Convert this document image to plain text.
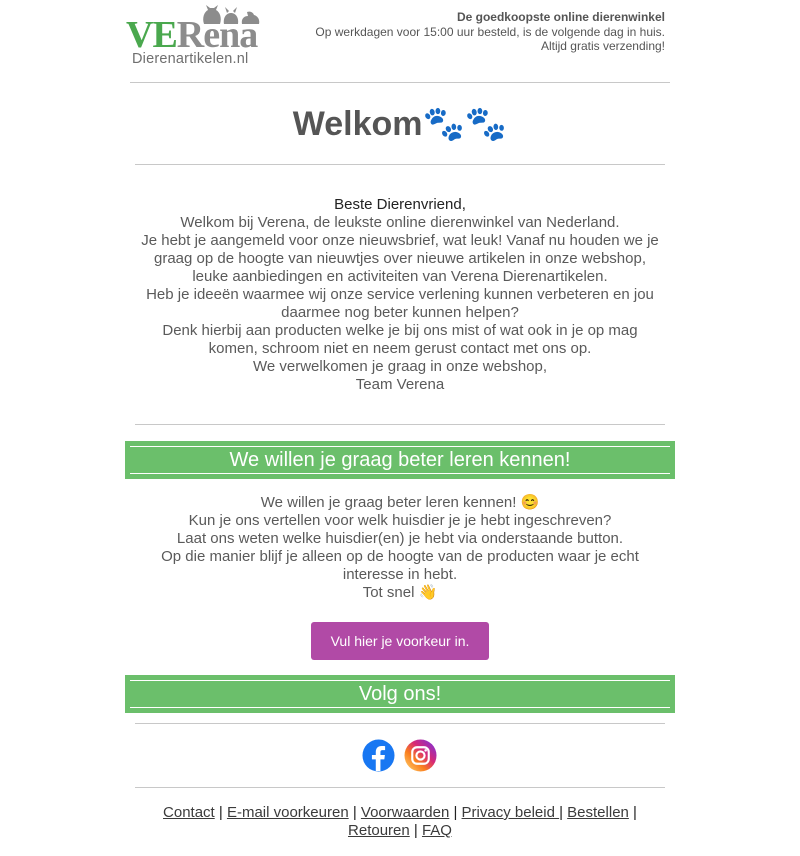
VERena
Dierenartikelen.nl
De goedkoopste online dierenwinkel
Op werkdagen voor 15:00 uur besteld, is de volgende dag in huis.
Altijd gratis verzending!
Welkom🐾🐾
Beste Dierenvriend,
Welkom bij Verena, de leukste online dierenwinkel van Nederland.
Je hebt je aangemeld voor onze nieuwsbrief, wat leuk! Vanaf nu houden we je graag op de hoogte van nieuwtjes over nieuwe artikelen in onze webshop, leuke aanbiedingen en activiteiten van Verena Dierenartikelen.
Heb je ideeën waarmee wij onze service verlening kunnen verbeteren en jou daarmee nog beter kunnen helpen?
Denk hierbij aan producten welke je bij ons mist of wat ook in je op mag komen, schroom niet en neem gerust contact met ons op.
We verwelkomen je graag in onze webshop,
Team Verena
We willen je graag beter leren kennen!
We willen je graag beter leren kennen! 😊
Kun je ons vertellen voor welk huisdier je je hebt ingeschreven?
Laat ons weten welke huisdier(en) je hebt via onderstaande button.
Op die manier blijf je alleen op de hoogte van de producten waar je echt interesse in hebt.
Tot snel 👋
Vul hier je voorkeur in.
Volg ons!
Contact | E-mail voorkeuren | Voorwaarden | Privacy beleid | Bestellen |
Retouren | FAQ
